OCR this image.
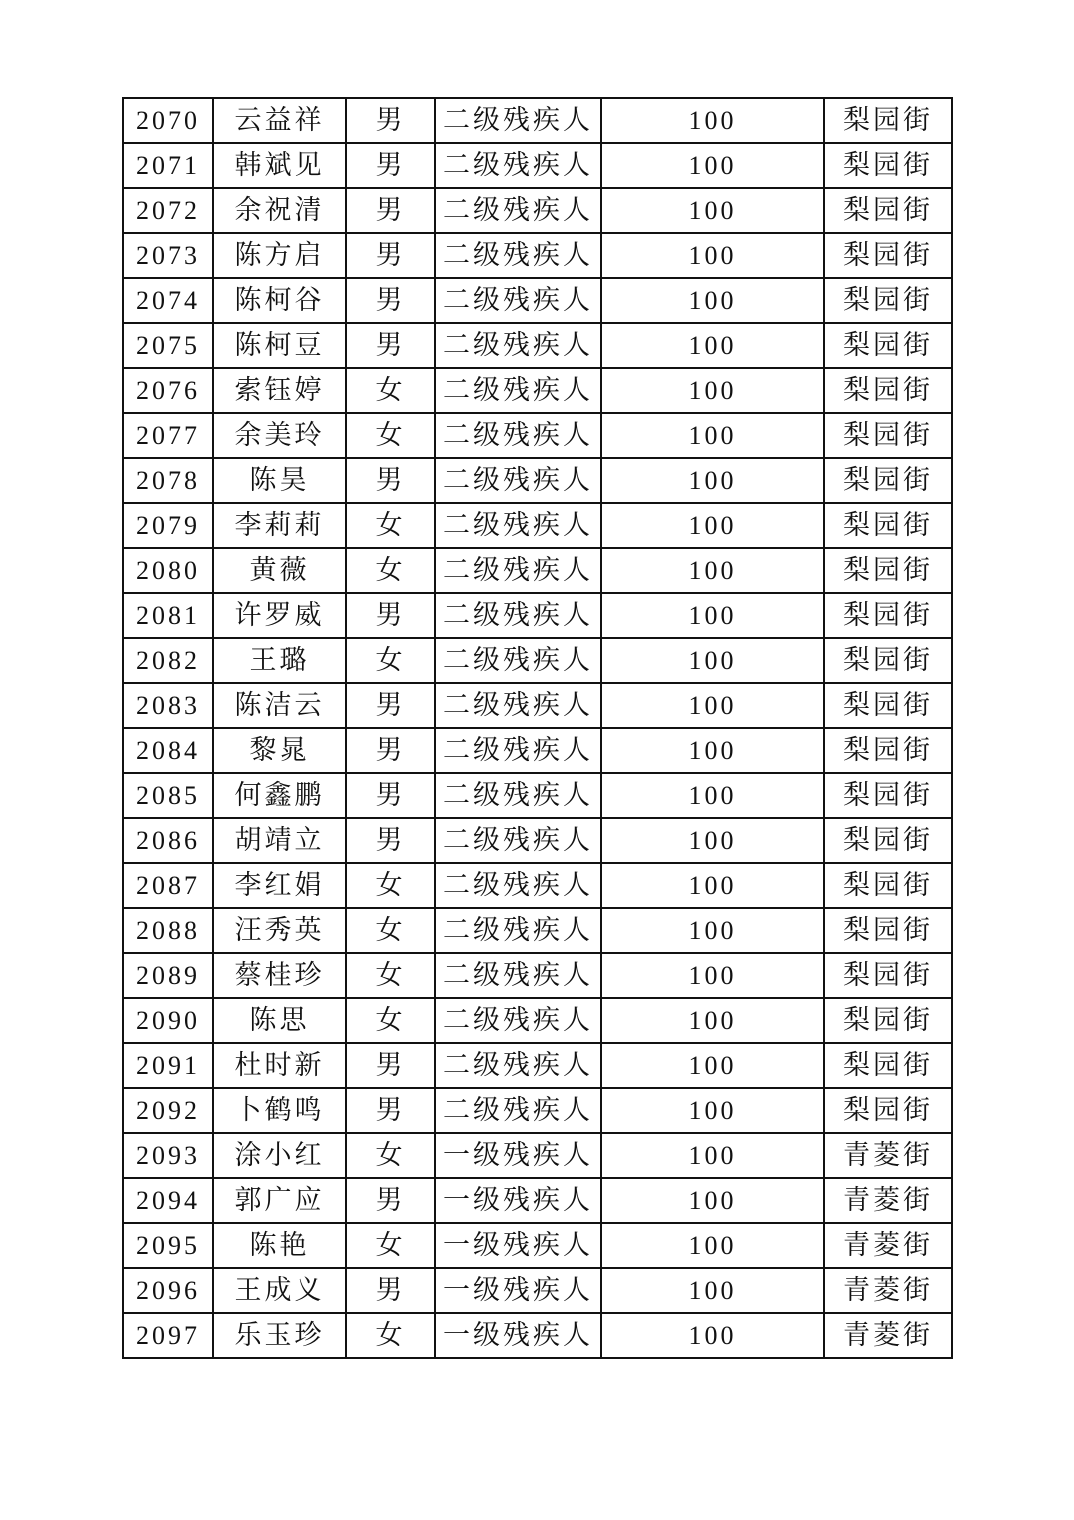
2070	云益祥	男	二级残疾人	100	梨园街
2071	韩斌见	男	二级残疾人	100	梨园街
2072	余祝清	男	二级残疾人	100	梨园街
2073	陈方启	男	二级残疾人	100	梨园街
2074	陈柯谷	男	二级残疾人	100	梨园街
2075	陈柯豆	男	二级残疾人	100	梨园街
2076	索钰婷	女	二级残疾人	100	梨园街
2077	余美玲	女	二级残疾人	100	梨园街
2078	陈昊	男	二级残疾人	100	梨园街
2079	李莉莉	女	二级残疾人	100	梨园街
2080	黄薇	女	二级残疾人	100	梨园街
2081	许罗威	男	二级残疾人	100	梨园街
2082	王璐	女	二级残疾人	100	梨园街
2083	陈洁云	男	二级残疾人	100	梨园街
2084	黎晁	男	二级残疾人	100	梨园街
2085	何鑫鹏	男	二级残疾人	100	梨园街
2086	胡靖立	男	二级残疾人	100	梨园街
2087	李红娟	女	二级残疾人	100	梨园街
2088	汪秀英	女	二级残疾人	100	梨园街
2089	蔡桂珍	女	二级残疾人	100	梨园街
2090	陈思	女	二级残疾人	100	梨园街
2091	杜时新	男	二级残疾人	100	梨园街
2092	卜鹤鸣	男	二级残疾人	100	梨园街
2093	涂小红	女	一级残疾人	100	青菱街
2094	郭广应	男	一级残疾人	100	青菱街
2095	陈艳	女	一级残疾人	100	青菱街
2096	王成义	男	一级残疾人	100	青菱街
2097	乐玉珍	女	一级残疾人	100	青菱街
